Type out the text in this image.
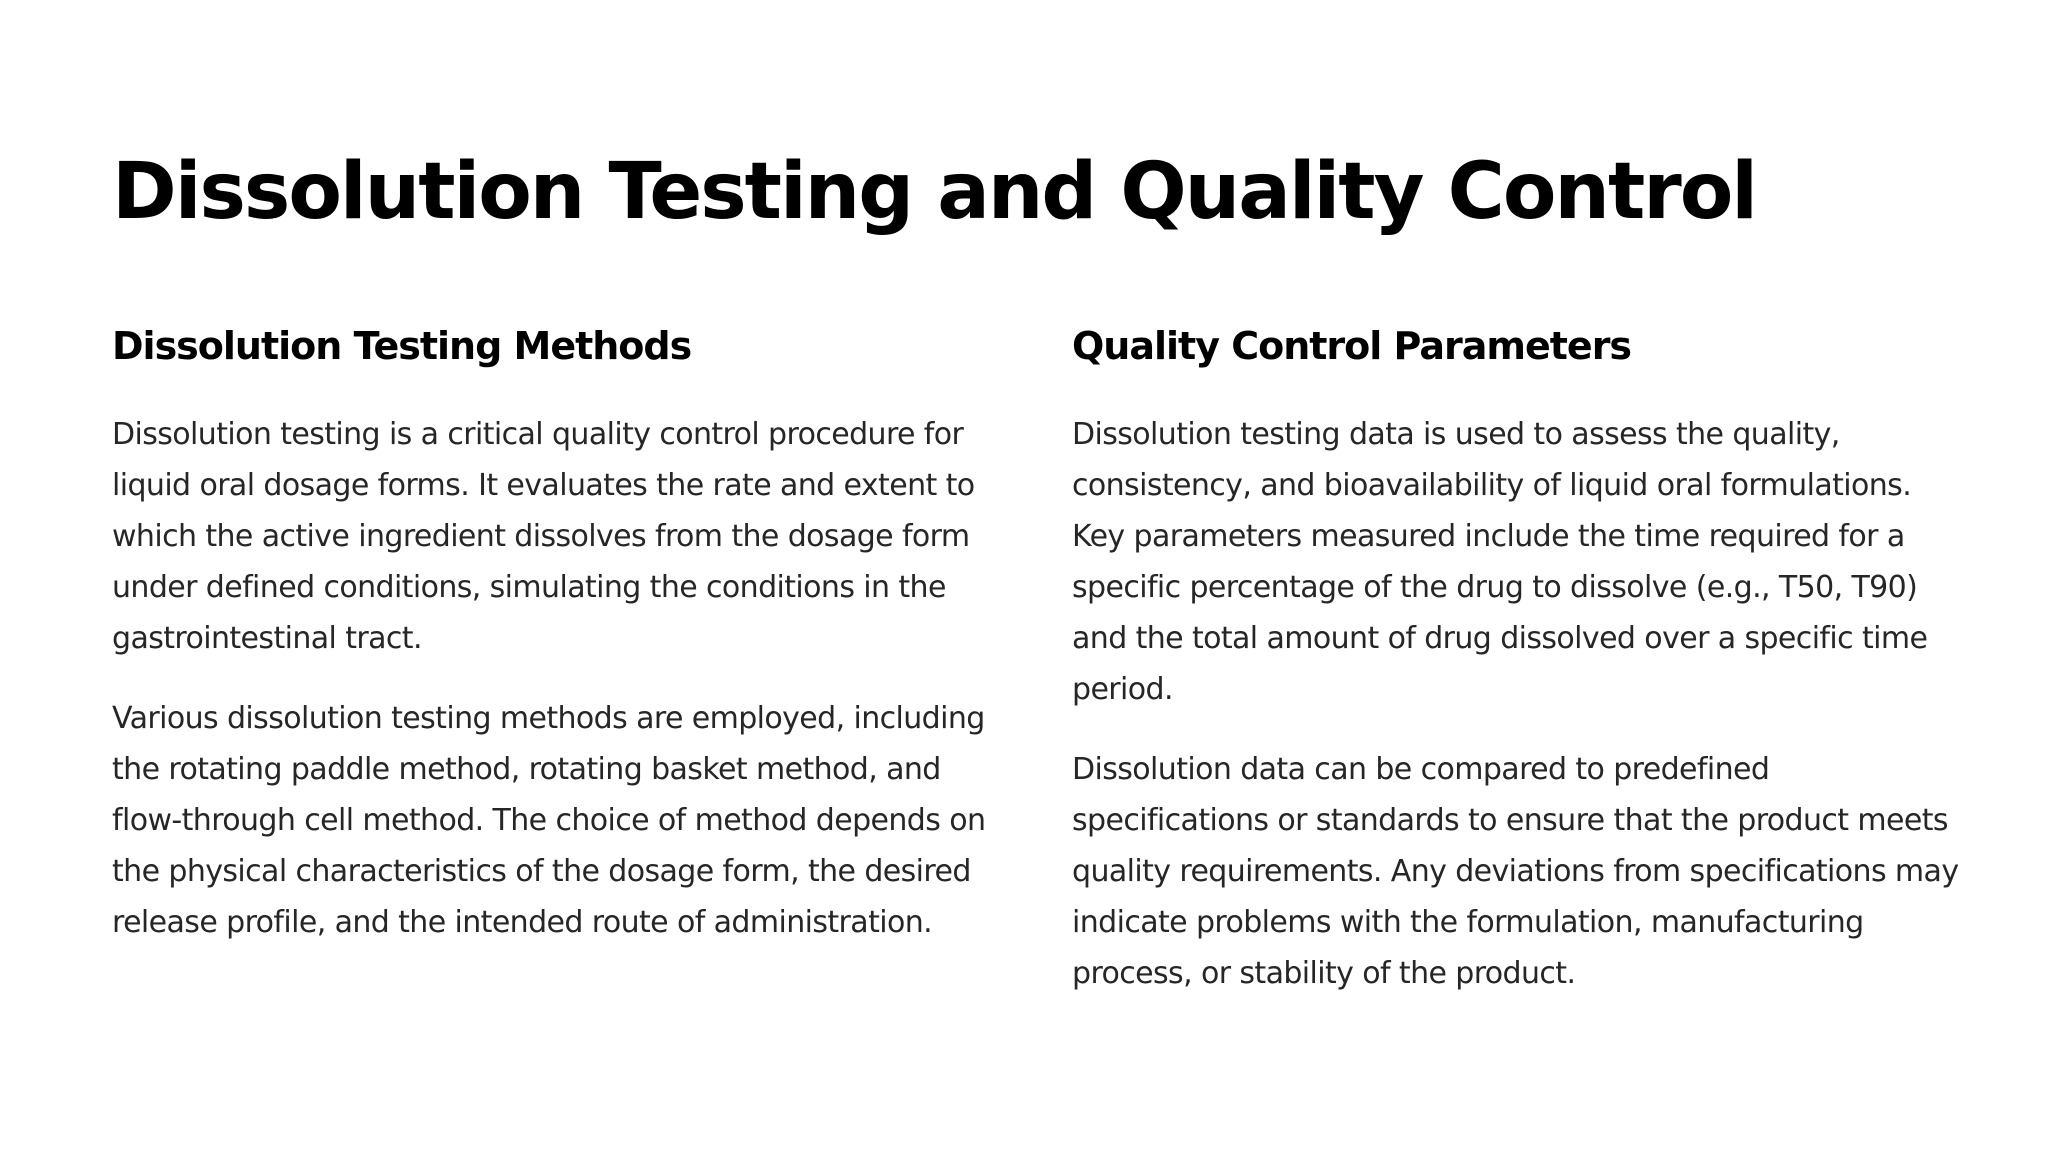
Dissolution Testing and Quality Control
Dissolution Testing Methods

Dissolution testing is a critical quality control procedure for liquid oral dosage forms. It evaluates the rate and extent to which the active ingredient dissolves from the dosage form under defined conditions, simulating the conditions in the gastrointestinal tract.

Various dissolution testing methods are employed, including the rotating paddle method, rotating basket method, and flow-through cell method. The choice of method depends on the physical characteristics of the dosage form, the desired release profile, and the intended route of administration.

Quality Control Parameters

Dissolution testing data is used to assess the quality, consistency, and bioavailability of liquid oral formulations. Key parameters measured include the time required for a specific percentage of the drug to dissolve (e.g., T50, T90) and the total amount of drug dissolved over a specific time period.

Dissolution data can be compared to predefined specifications or standards to ensure that the product meets quality requirements. Any deviations from specifications may indicate problems with the formulation, manufacturing process, or stability of the product.
